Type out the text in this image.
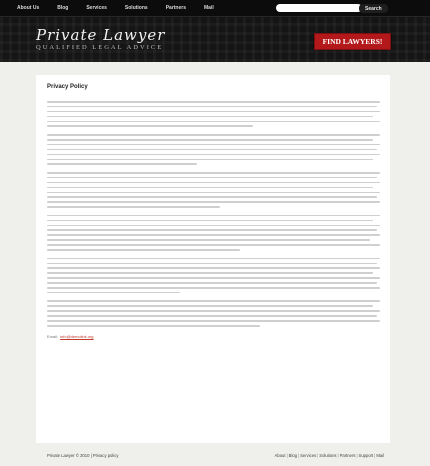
About Us	Blog	Services	Solutions	Partners	Mail	Search
Private Lawyer
QUALIFIED LEGAL ADVICE
FIND LAWYERS!
Privacy Policy
Email: info@demolink.org
Private Lawyer © 2010 | Privacy policy	About | Blog | Services | Solutions | Partners | Support | Mail
